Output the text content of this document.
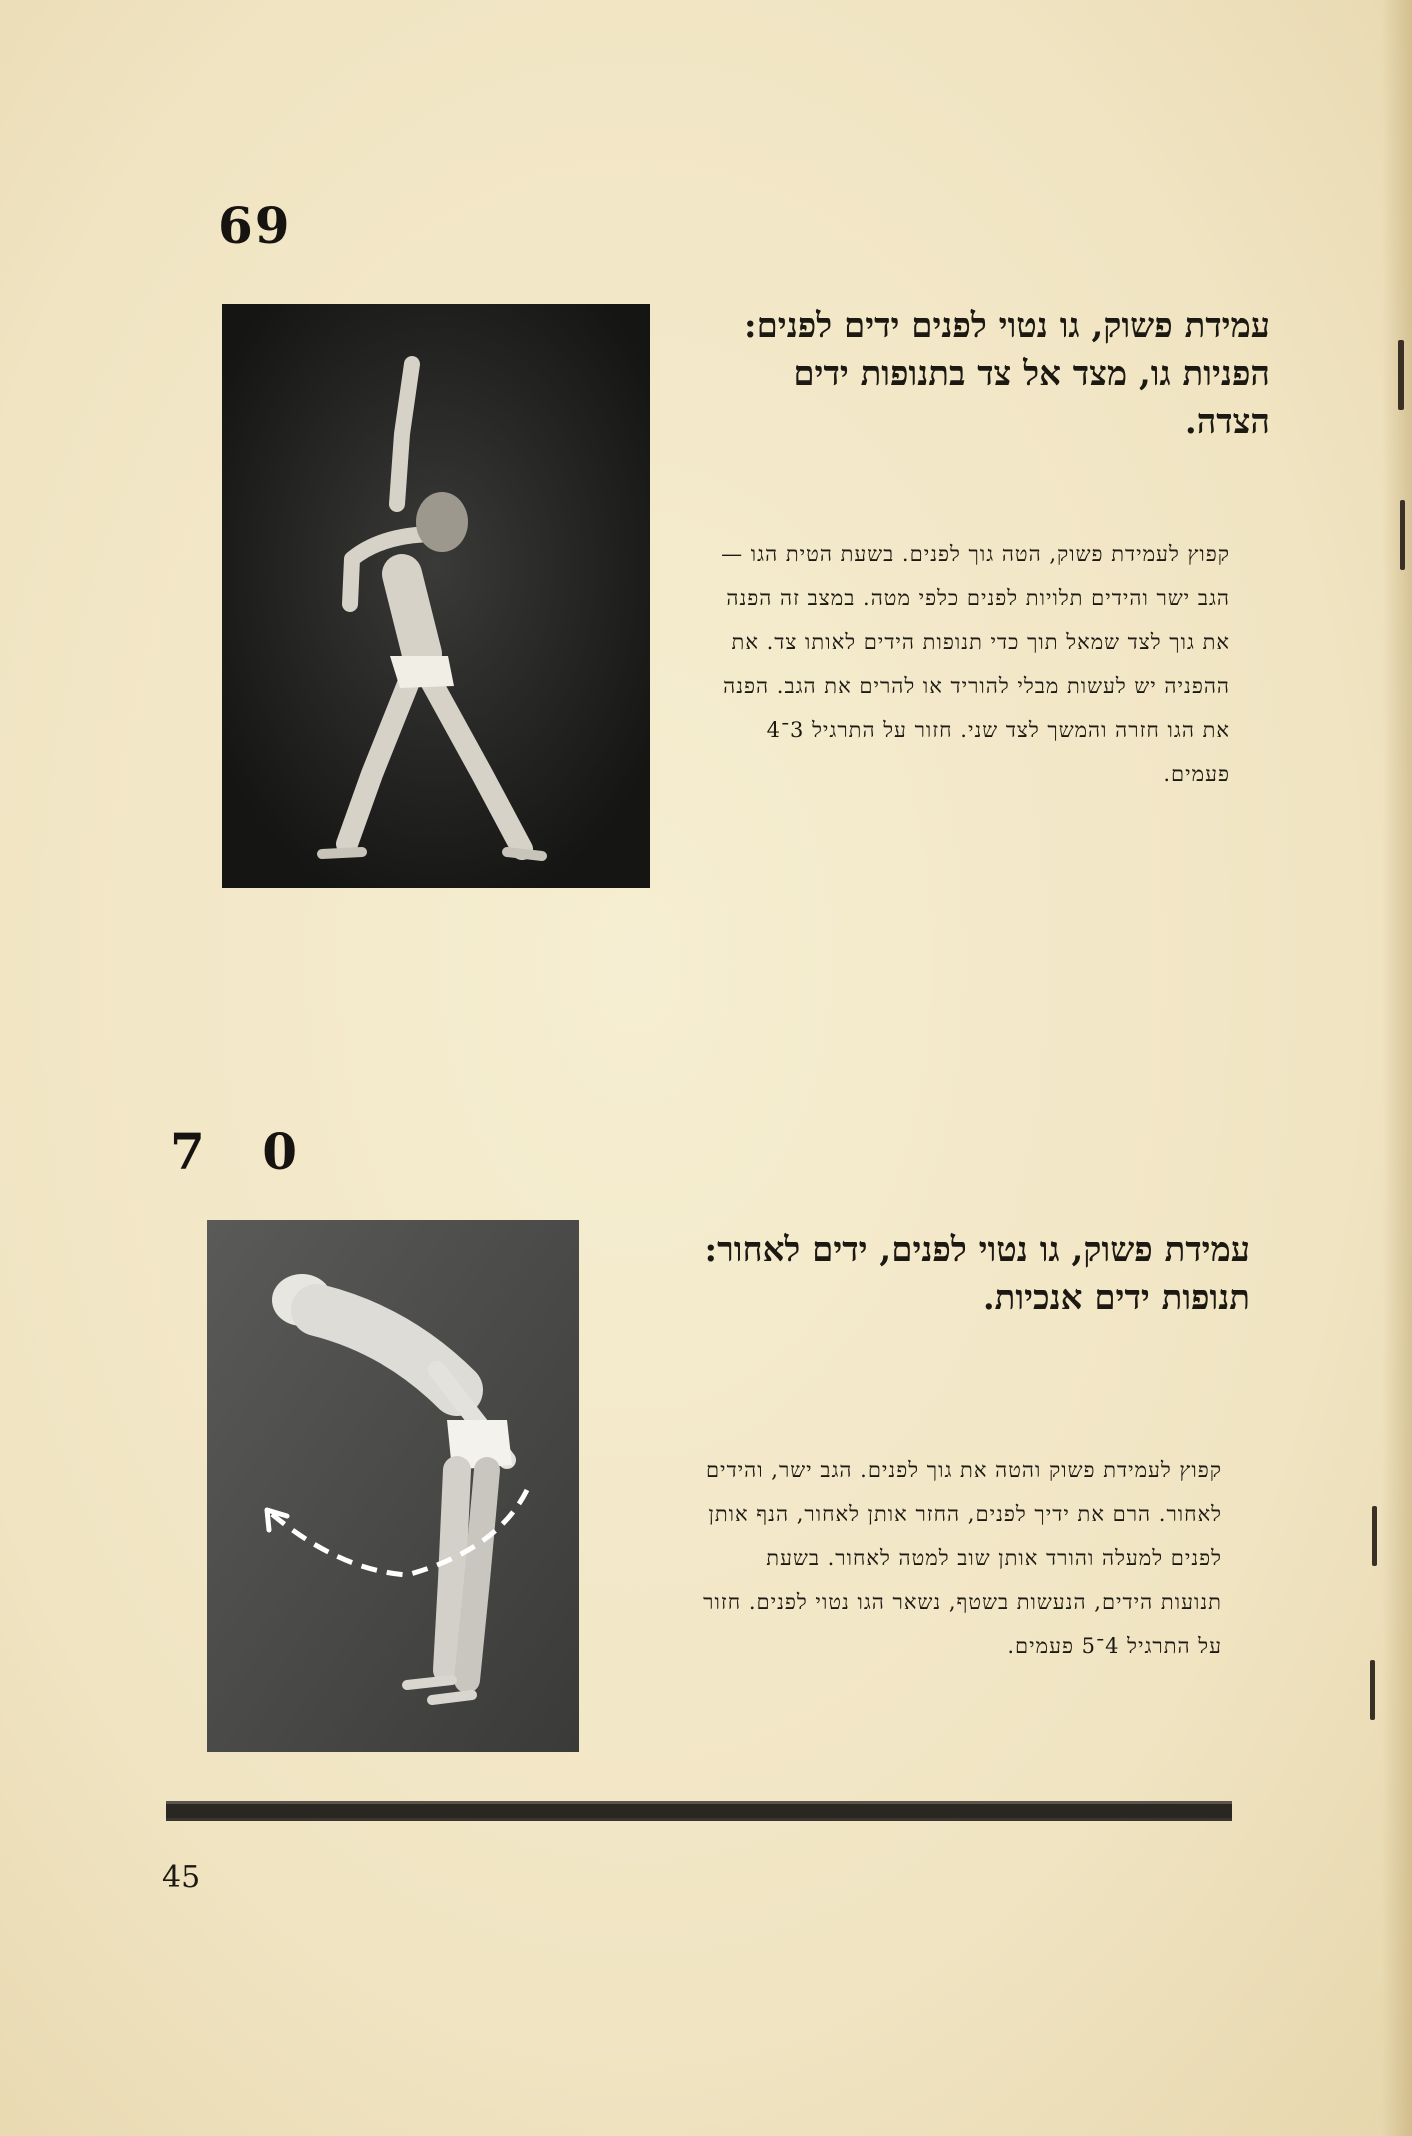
69
עמידת פשוק, גו נטוי לפנים ידים לפנים: הפניות גו, מצד אל צד בתנופות ידים הצדה.
קפוץ לעמידת פשוק, הטה גוך לפנים. בשעת הטית הגו — הגב ישר והידים תלויות לפנים כלפי מטה. במצב זה הפנה את גוך לצד שמאל תוך כדי תנופות הידים לאותו צד. את ההפניה יש לעשות מבלי להוריד או להרים את הגב. הפנה את הגו חזרה והמשך לצד שני. חזור על התרגיל 3־4 פעמים.
7 0
עמידת פשוק, גו נטוי לפנים, ידים לאחור: תנופות ידים אנכיות.
קפוץ לעמידת פשוק והטה את גוך לפנים. הגב ישר, והידים לאחור. הרם את ידיך לפנים, החזר אותן לאחור, הנף אותן לפנים למעלה והורד אותן שוב למטה לאחור. בשעת תנועות הידים, הנעשות בשטף, נשאר הגו נטוי לפנים. חזור על התרגיל 4־5 פעמים.
45
